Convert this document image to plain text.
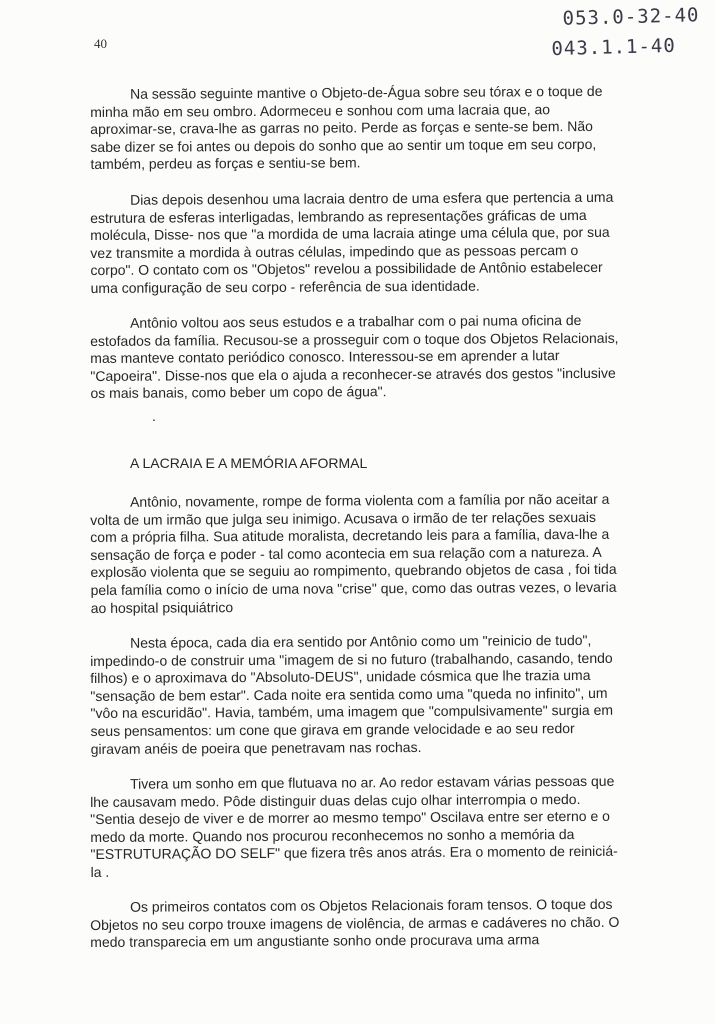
40
053.0-32-40
043.1.1-40

Na sessão seguinte mantive o Objeto-de-Água sobre seu tórax e o toque de minha mão em seu ombro. Adormeceu e sonhou com uma lacraia que, ao aproximar-se, crava-lhe as garras no peito. Perde as forças e sente-se bem. Não sabe dizer se foi antes ou depois do sonho que ao sentir um toque em seu corpo, também, perdeu as forças e sentiu-se bem.

Dias depois desenhou uma lacraia dentro de uma esfera que pertencia a uma estrutura de esferas interligadas, lembrando as representações gráficas de uma molécula, Disse- nos que "a mordida de uma lacraia atinge uma célula que, por sua vez transmite a mordida à outras células, impedindo que as pessoas percam o corpo". O contato com os "Objetos" revelou a possibilidade de Antônio estabelecer uma configuração de seu corpo - referência de sua identidade.

Antônio voltou aos seus estudos e a trabalhar com o pai numa oficina de estofados da família. Recusou-se a prosseguir com o toque dos Objetos Relacionais, mas manteve contato periódico conosco. Interessou-se em aprender a lutar "Capoeira". Disse-nos que ela o ajuda a reconhecer-se através dos gestos "inclusive os mais banais, como beber um copo de água".

.
A LACRAIA E A MEMÓRIA AFORMAL

Antônio, novamente, rompe de forma violenta com a família por não aceitar a volta de um irmão que julga seu inimigo. Acusava o irmão de ter relações sexuais com a própria filha. Sua atitude moralista, decretando leis para a família, dava-lhe a sensação de força e poder - tal como acontecia em sua relação com a natureza. A explosão violenta que se seguiu ao rompimento, quebrando objetos de casa , foi tida pela família como o início de uma nova "crise" que, como das outras vezes, o levaria ao hospital psiquiátrico

Nesta época, cada dia era sentido por Antônio como um "reinicio de tudo", impedindo-o de construir uma "imagem de si no futuro (trabalhando, casando, tendo filhos) e o aproximava do "Absoluto-DEUS", unidade cósmica que lhe trazia uma "sensação de bem estar". Cada noite era sentida como uma "queda no infinito", um "vôo na escuridão". Havia, também, uma imagem que "compulsivamente" surgia em seus pensamentos: um cone que girava em grande velocidade e ao seu redor giravam anéis de poeira que penetravam nas rochas.

Tivera um sonho em que flutuava no ar. Ao redor estavam várias pessoas que lhe causavam medo. Pôde distinguir duas delas cujo olhar interrompia o medo. "Sentia desejo de viver e de morrer ao mesmo tempo" Oscilava entre ser eterno e o medo da morte. Quando nos procurou reconhecemos no sonho a memória da "ESTRUTURAÇÃO DO SELF" que fizera três anos atrás. Era o momento de reiniciá-la .

Os primeiros contatos com os Objetos Relacionais foram tensos. O toque dos Objetos no seu corpo trouxe imagens de violência, de armas e cadáveres no chão. O medo transparecia em um angustiante sonho onde procurava uma arma
